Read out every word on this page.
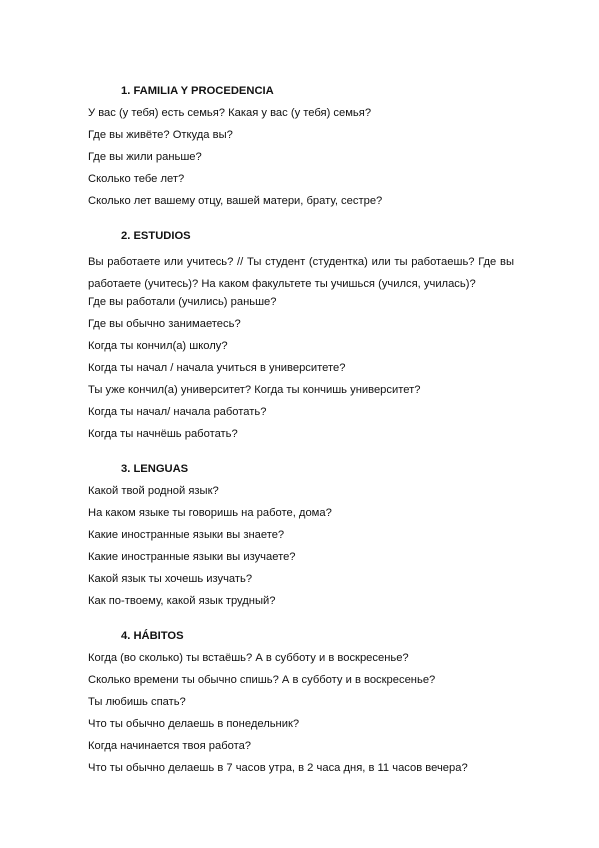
1. FAMILIA Y PROCEDENCIA
У вас (у тебя) есть семья? Какая у вас (у тебя) семья?
Где вы живёте? Откуда вы?
Где вы жили раньше?
Сколько тебе лет?
Сколько лет вашему отцу, вашей матери, брату, сестре?
2. ESTUDIOS
Вы работаете или учитесь? // Ты студент (студентка) или ты работаешь? Где вы работаете (учитесь)? На каком факультете ты учишься (учился, училась)?
Где вы работали (учились) раньше?
Где вы обычно занимаетесь?
Когда ты кончил(а) школу?
Когда ты начал / начала учиться в университете?
Ты уже кончил(а) университет? Когда ты кончишь университет?
Когда ты начал/ начала работать?
Когда ты начнёшь работать?
3. LENGUAS
Какой твой родной язык?
На каком языке ты говоришь на работе, дома?
Какие иностранные языки вы знаете?
Какие иностранные языки вы изучаете?
Какой язык ты хочешь изучать?
Как по-твоему, какой язык трудный?
4. HÁBITOS
Когда (во сколько) ты встаёшь? А в субботу и в воскресенье?
Сколько времени ты обычно спишь? А в субботу и в воскресенье?
Ты любишь спать?
Что ты обычно делаешь в понедельник?
Когда начинается твоя работа?
Что ты обычно делаешь в 7 часов утра, в 2 часа дня, в 11 часов вечера?
